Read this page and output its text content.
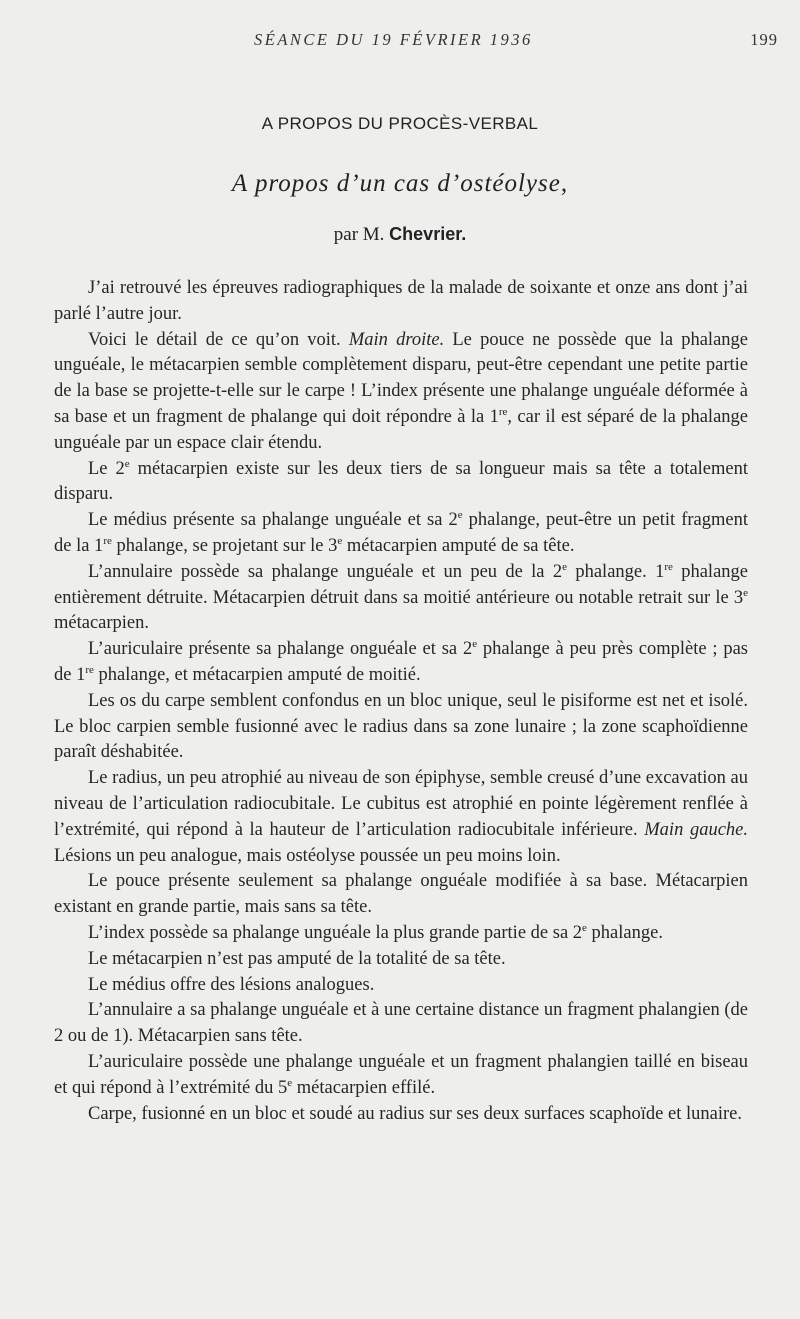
SÉANCE DU 19 FÉVRIER 1936	199
A PROPOS DU PROCÈS-VERBAL
A propos d’un cas d’ostéolyse,
par M. Chevrier.

J’ai retrouvé les épreuves radiographiques de la malade de soixante et onze ans dont j’ai parlé l’autre jour.

Voici le détail de ce qu’on voit. Main droite. Le pouce ne possède que la phalange unguéale, le métacarpien semble complètement disparu, peut-être cependant une petite partie de la base se projette-t-elle sur le carpe ! L’index présente une phalange unguéale déformée à sa base et un fragment de phalange qui doit répondre à la 1re, car il est séparé de la phalange unguéale par un espace clair étendu.

Le 2e métacarpien existe sur les deux tiers de sa longueur mais sa tête a totalement disparu.

Le médius présente sa phalange unguéale et sa 2e phalange, peut-être un petit fragment de la 1re phalange, se projetant sur le 3e métacarpien amputé de sa tête.

L’annulaire possède sa phalange unguéale et un peu de la 2e phalange. 1re phalange entièrement détruite. Métacarpien détruit dans sa moitié antérieure ou notable retrait sur le 3e métacarpien.

L’auriculaire présente sa phalange onguéale et sa 2e phalange à peu près complète ; pas de 1re phalange, et métacarpien amputé de moitié.

Les os du carpe semblent confondus en un bloc unique, seul le pisiforme est net et isolé. Le bloc carpien semble fusionné avec le radius dans sa zone lunaire ; la zone scaphoïdienne paraît déshabitée.

Le radius, un peu atrophié au niveau de son épiphyse, semble creusé d’une excavation au niveau de l’articulation radiocubitale. Le cubitus est atrophié en pointe légèrement renflée à l’extrémité, qui répond à la hauteur de l’articulation radiocubitale inférieure. Main gauche. Lésions un peu analogue, mais ostéolyse poussée un peu moins loin.

Le pouce présente seulement sa phalange onguéale modifiée à sa base. Métacarpien existant en grande partie, mais sans sa tête.

L’index possède sa phalange unguéale la plus grande partie de sa 2e phalange.

Le métacarpien n’est pas amputé de la totalité de sa tête.

Le médius offre des lésions analogues.

L’annulaire a sa phalange unguéale et à une certaine distance un fragment phalangien (de 2 ou de 1). Métacarpien sans tête.

L’auriculaire possède une phalange unguéale et un fragment phalangien taillé en biseau et qui répond à l’extrémité du 5e métacarpien effilé.

Carpe, fusionné en un bloc et soudé au radius sur ses deux surfaces scaphoïde et lunaire.
